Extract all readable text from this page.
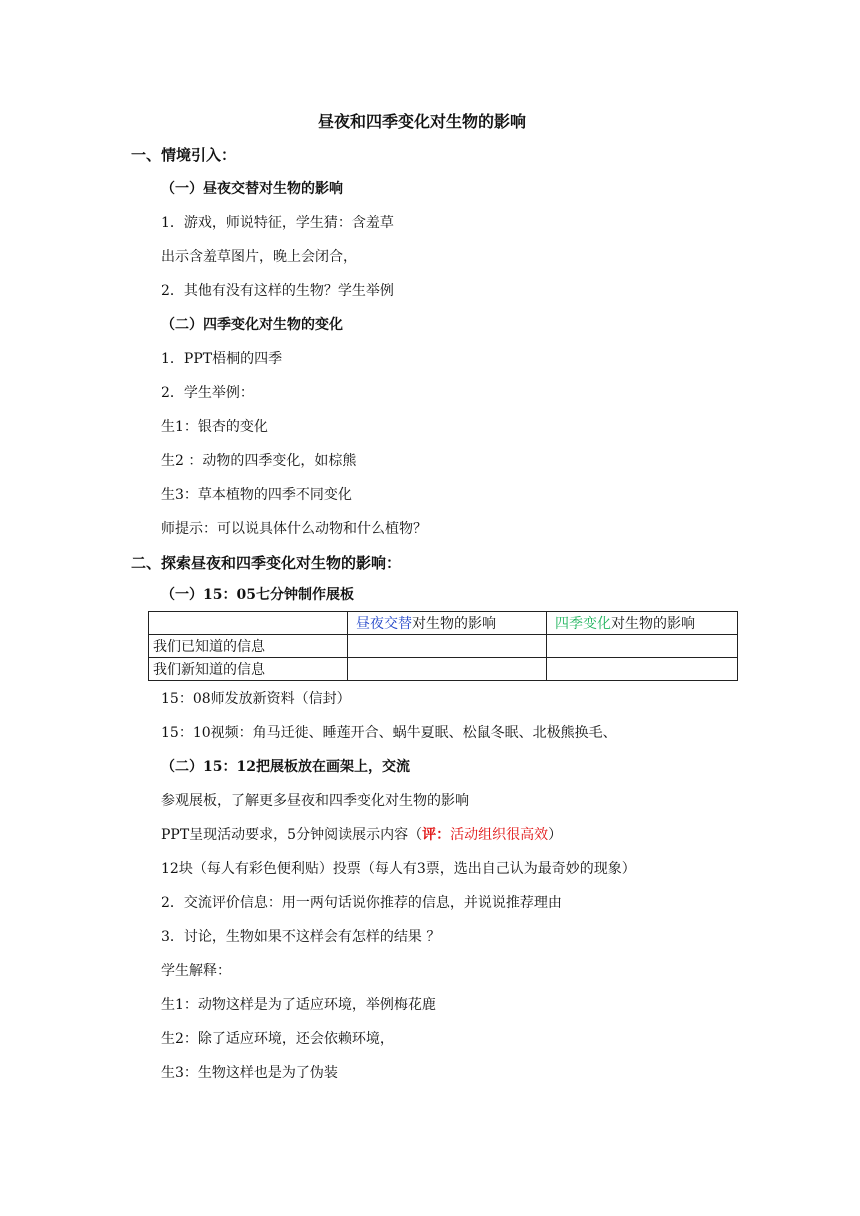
昼夜和四季变化对生物的影响
一、情境引入：
（一）昼夜交替对生物的影响
1．游戏，师说特征，学生猜：含羞草
出示含羞草图片，晚上会闭合，
2．其他有没有这样的生物？学生举例
（二）四季变化对生物的变化
1．PPT梧桐的四季
2．学生举例：
生1：银杏的变化
生2 ：动物的四季变化，如棕熊
生3：草本植物的四季不同变化
师提示：可以说具体什么动物和什么植物？
二、探索昼夜和四季变化对生物的影响：
（一）15：05七分钟制作展板
	昼夜交替对生物的影响	四季变化对生物的影响
我们已知道的信息		
我们新知道的信息		
15：08师发放新资料（信封）
15：10视频：角马迁徙、睡莲开合、蜗牛夏眠、松鼠冬眠、北极熊换毛、
（二）15：12把展板放在画架上，交流
参观展板，了解更多昼夜和四季变化对生物的影响
PPT呈现活动要求，5分钟阅读展示内容（评：活动组织很高效）
12块（每人有彩色便利贴）投票（每人有3票，选出自己认为最奇妙的现象）
2．交流评价信息：用一两句话说你推荐的信息，并说说推荐理由
3．讨论，生物如果不这样会有怎样的结果 ？
学生解释：
生1：动物这样是为了适应环境，举例梅花鹿
生2：除了适应环境，还会依赖环境，
生3：生物这样也是为了伪装
